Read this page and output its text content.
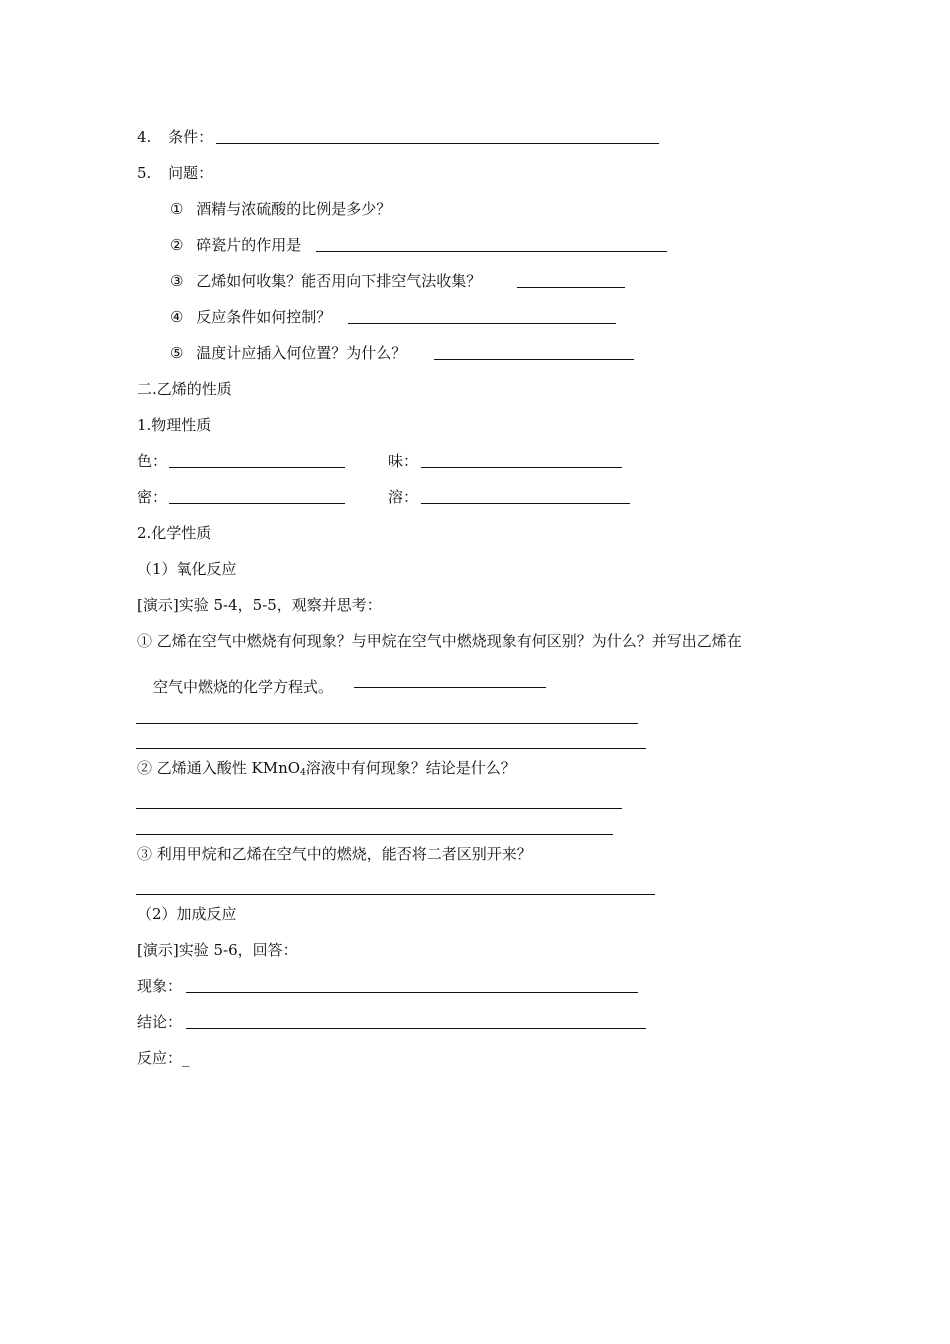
4. 条件：
5. 问题：
① 酒精与浓硫酸的比例是多少？
② 碎瓷片的作用是
③ 乙烯如何收集？能否用向下排空气法收集？
④ 反应条件如何控制？
⑤ 温度计应插入何位置？为什么？
二.乙烯的性质
1.物理性质
色：	味：
密：	溶：
2.化学性质
（1）氧化反应
[演示]实验 5-4，5-5，观察并思考：
① 乙烯在空气中燃烧有何现象？与甲烷在空气中燃烧现象有何区别？为什么？并写出乙烯在
空气中燃烧的化学方程式。
② 乙烯通入酸性 KMnO$_4$溶液中有何现象？结论是什么？
③ 利用甲烷和乙烯在空气中的燃烧，能否将二者区别开来？
（2）加成反应
[演示]实验 5-6，回答：
现象：
结论：
反应：_
